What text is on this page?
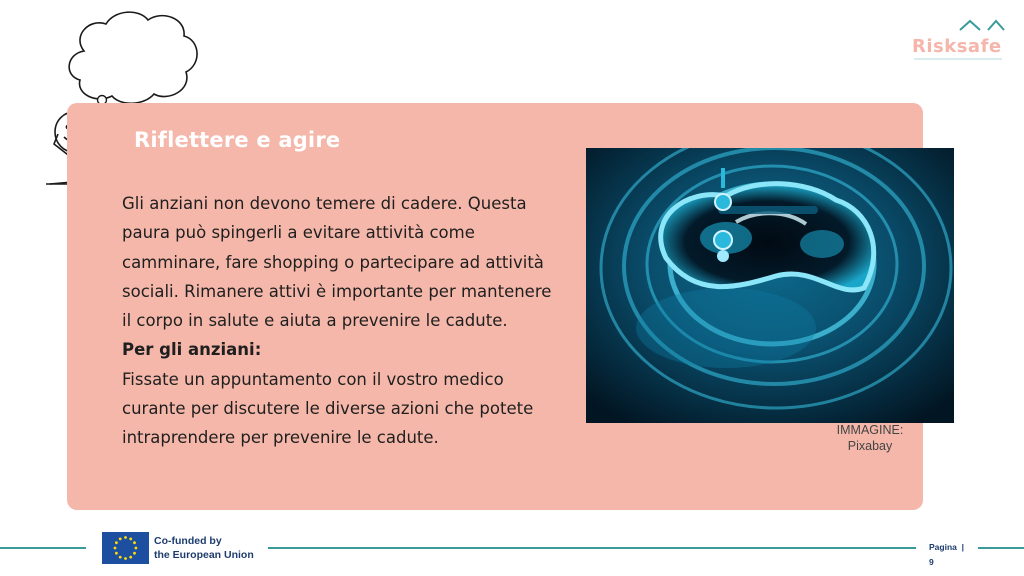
Riflettere e agire

Gli anziani non devono temere di cadere. Questa paura può spingerli a evitare attività come camminare, fare shopping o partecipare ad attività sociali. Rimanere attivi è importante per mantenere il corpo in salute e aiuta a prevenire le cadute.

Per gli anziani:

Fissate un appuntamento con il vostro medico curante per discutere le diverse azioni che potete intraprendere per prevenire le cadute.	IMMAGINE:
Pixabay
Risksafe
Co-funded by
the European Union
Pagina |
9
